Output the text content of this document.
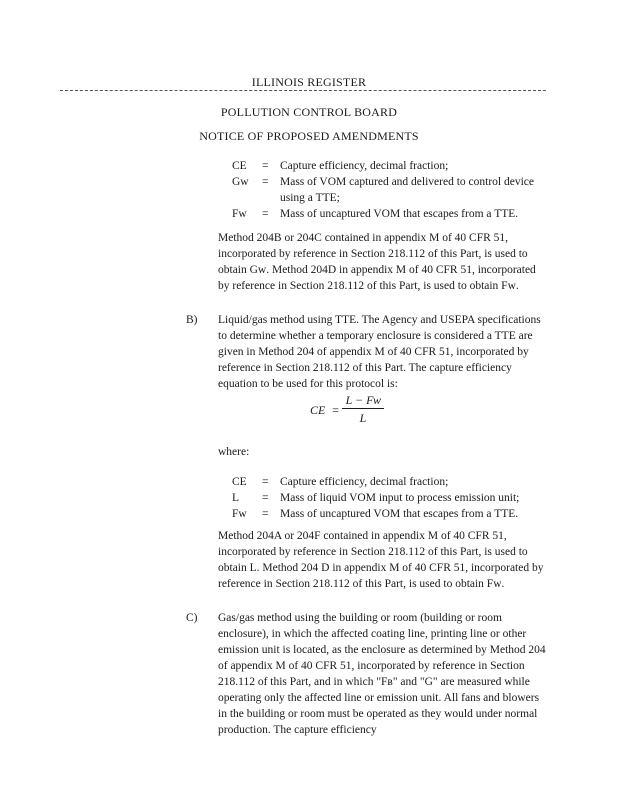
ILLINOIS REGISTER
POLLUTION CONTROL BOARD
NOTICE OF PROPOSED AMENDMENTS
CE	=	Capture efficiency, decimal fraction;
Gᴡ	=	Mass of VOM captured and delivered to control device using a TTE;
Fᴡ	=	Mass of uncaptured VOM that escapes from a TTE.
Method 204B or 204C contained in appendix M of 40 CFR 51, incorporated by reference in Section 218.112 of this Part, is used to obtain Gᴡ. Method 204D in appendix M of 40 CFR 51, incorporated by reference in Section 218.112 of this Part, is used to obtain Fᴡ.
B)	Liquid/gas method using TTE. The Agency and USEPA specifications to determine whether a temporary enclosure is considered a TTE are given in Method 204 of appendix M of 40 CFR 51, incorporated by reference in Section 218.112 of this Part. The capture efficiency equation to be used for this protocol is:
CE =
L − Fᴡ
L
where:
CE	=	Capture efficiency, decimal fraction;
L	=	Mass of liquid VOM input to process emission unit;
Fᴡ	=	Mass of uncaptured VOM that escapes from a TTE.
Method 204A or 204F contained in appendix M of 40 CFR 51, incorporated by reference in Section 218.112 of this Part, is used to obtain L. Method 204 D in appendix M of 40 CFR 51, incorporated by reference in Section 218.112 of this Part, is used to obtain Fᴡ.
C)	Gas/gas method using the building or room (building or room enclosure), in which the affected coating line, printing line or other emission unit is located, as the enclosure as determined by Method 204 of appendix M of 40 CFR 51, incorporated by reference in Section 218.112 of this Part, and in which "Fʙ" and "G" are measured while operating only the affected line or emission unit. All fans and blowers in the building or room must be operated as they would under normal production. The capture efficiency
